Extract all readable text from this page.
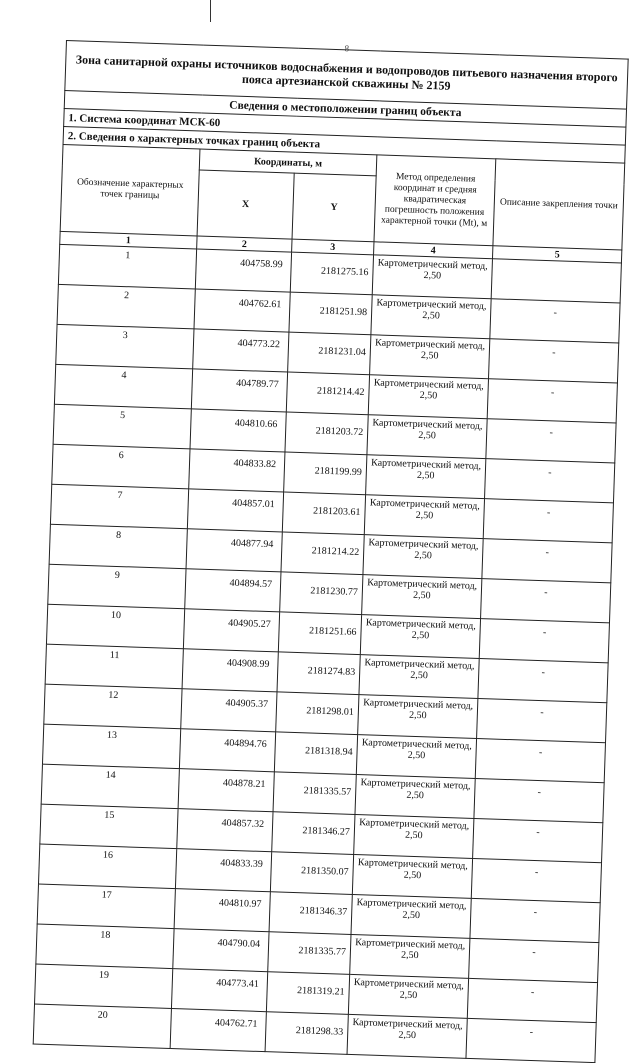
8
Зона санитарной охраны источников водоснабжения и водопроводов питьевого назначения второго пояса артезианской скважины № 2159				
Сведения о местоположении границ объекта				
1. Система координат МСК-60				
2. Сведения о характерных точках границ объекта				
Обозначение характерных точек границы	Координаты, м		Метод определения координат и средняя квадратическая погрешность положения характерной точки (Mt), м	Описание закрепления точки
	X	Y		
1	2	3	4	5
1	404758.99	2181275.16	Картометрический метод, 2,50	
2	404762.61	2181251.98	Картометрический метод, 2,50	-
3	404773.22	2181231.04	Картометрический метод, 2,50	-
4	404789.77	2181214.42	Картометрический метод, 2,50	-
5	404810.66	2181203.72	Картометрический метод, 2,50	-
6	404833.82	2181199.99	Картометрический метод, 2,50	-
7	404857.01	2181203.61	Картометрический метод, 2,50	-
8	404877.94	2181214.22	Картометрический метод, 2,50	-
9	404894.57	2181230.77	Картометрический метод, 2,50	-
10	404905.27	2181251.66	Картометрический метод, 2,50	-
11	404908.99	2181274.83	Картометрический метод, 2,50	-
12	404905.37	2181298.01	Картометрический метод, 2,50	-
13	404894.76	2181318.94	Картометрический метод, 2,50	-
14	404878.21	2181335.57	Картометрический метод, 2,50	-
15	404857.32	2181346.27	Картометрический метод, 2,50	-
16	404833.39	2181350.07	Картометрический метод, 2,50	-
17	404810.97	2181346.37	Картометрический метод, 2,50	-
18	404790.04	2181335.77	Картометрический метод, 2,50	-
19	404773.41	2181319.21	Картометрический метод, 2,50	-
20	404762.71	2181298.33	Картометрический метод, 2,50	-
